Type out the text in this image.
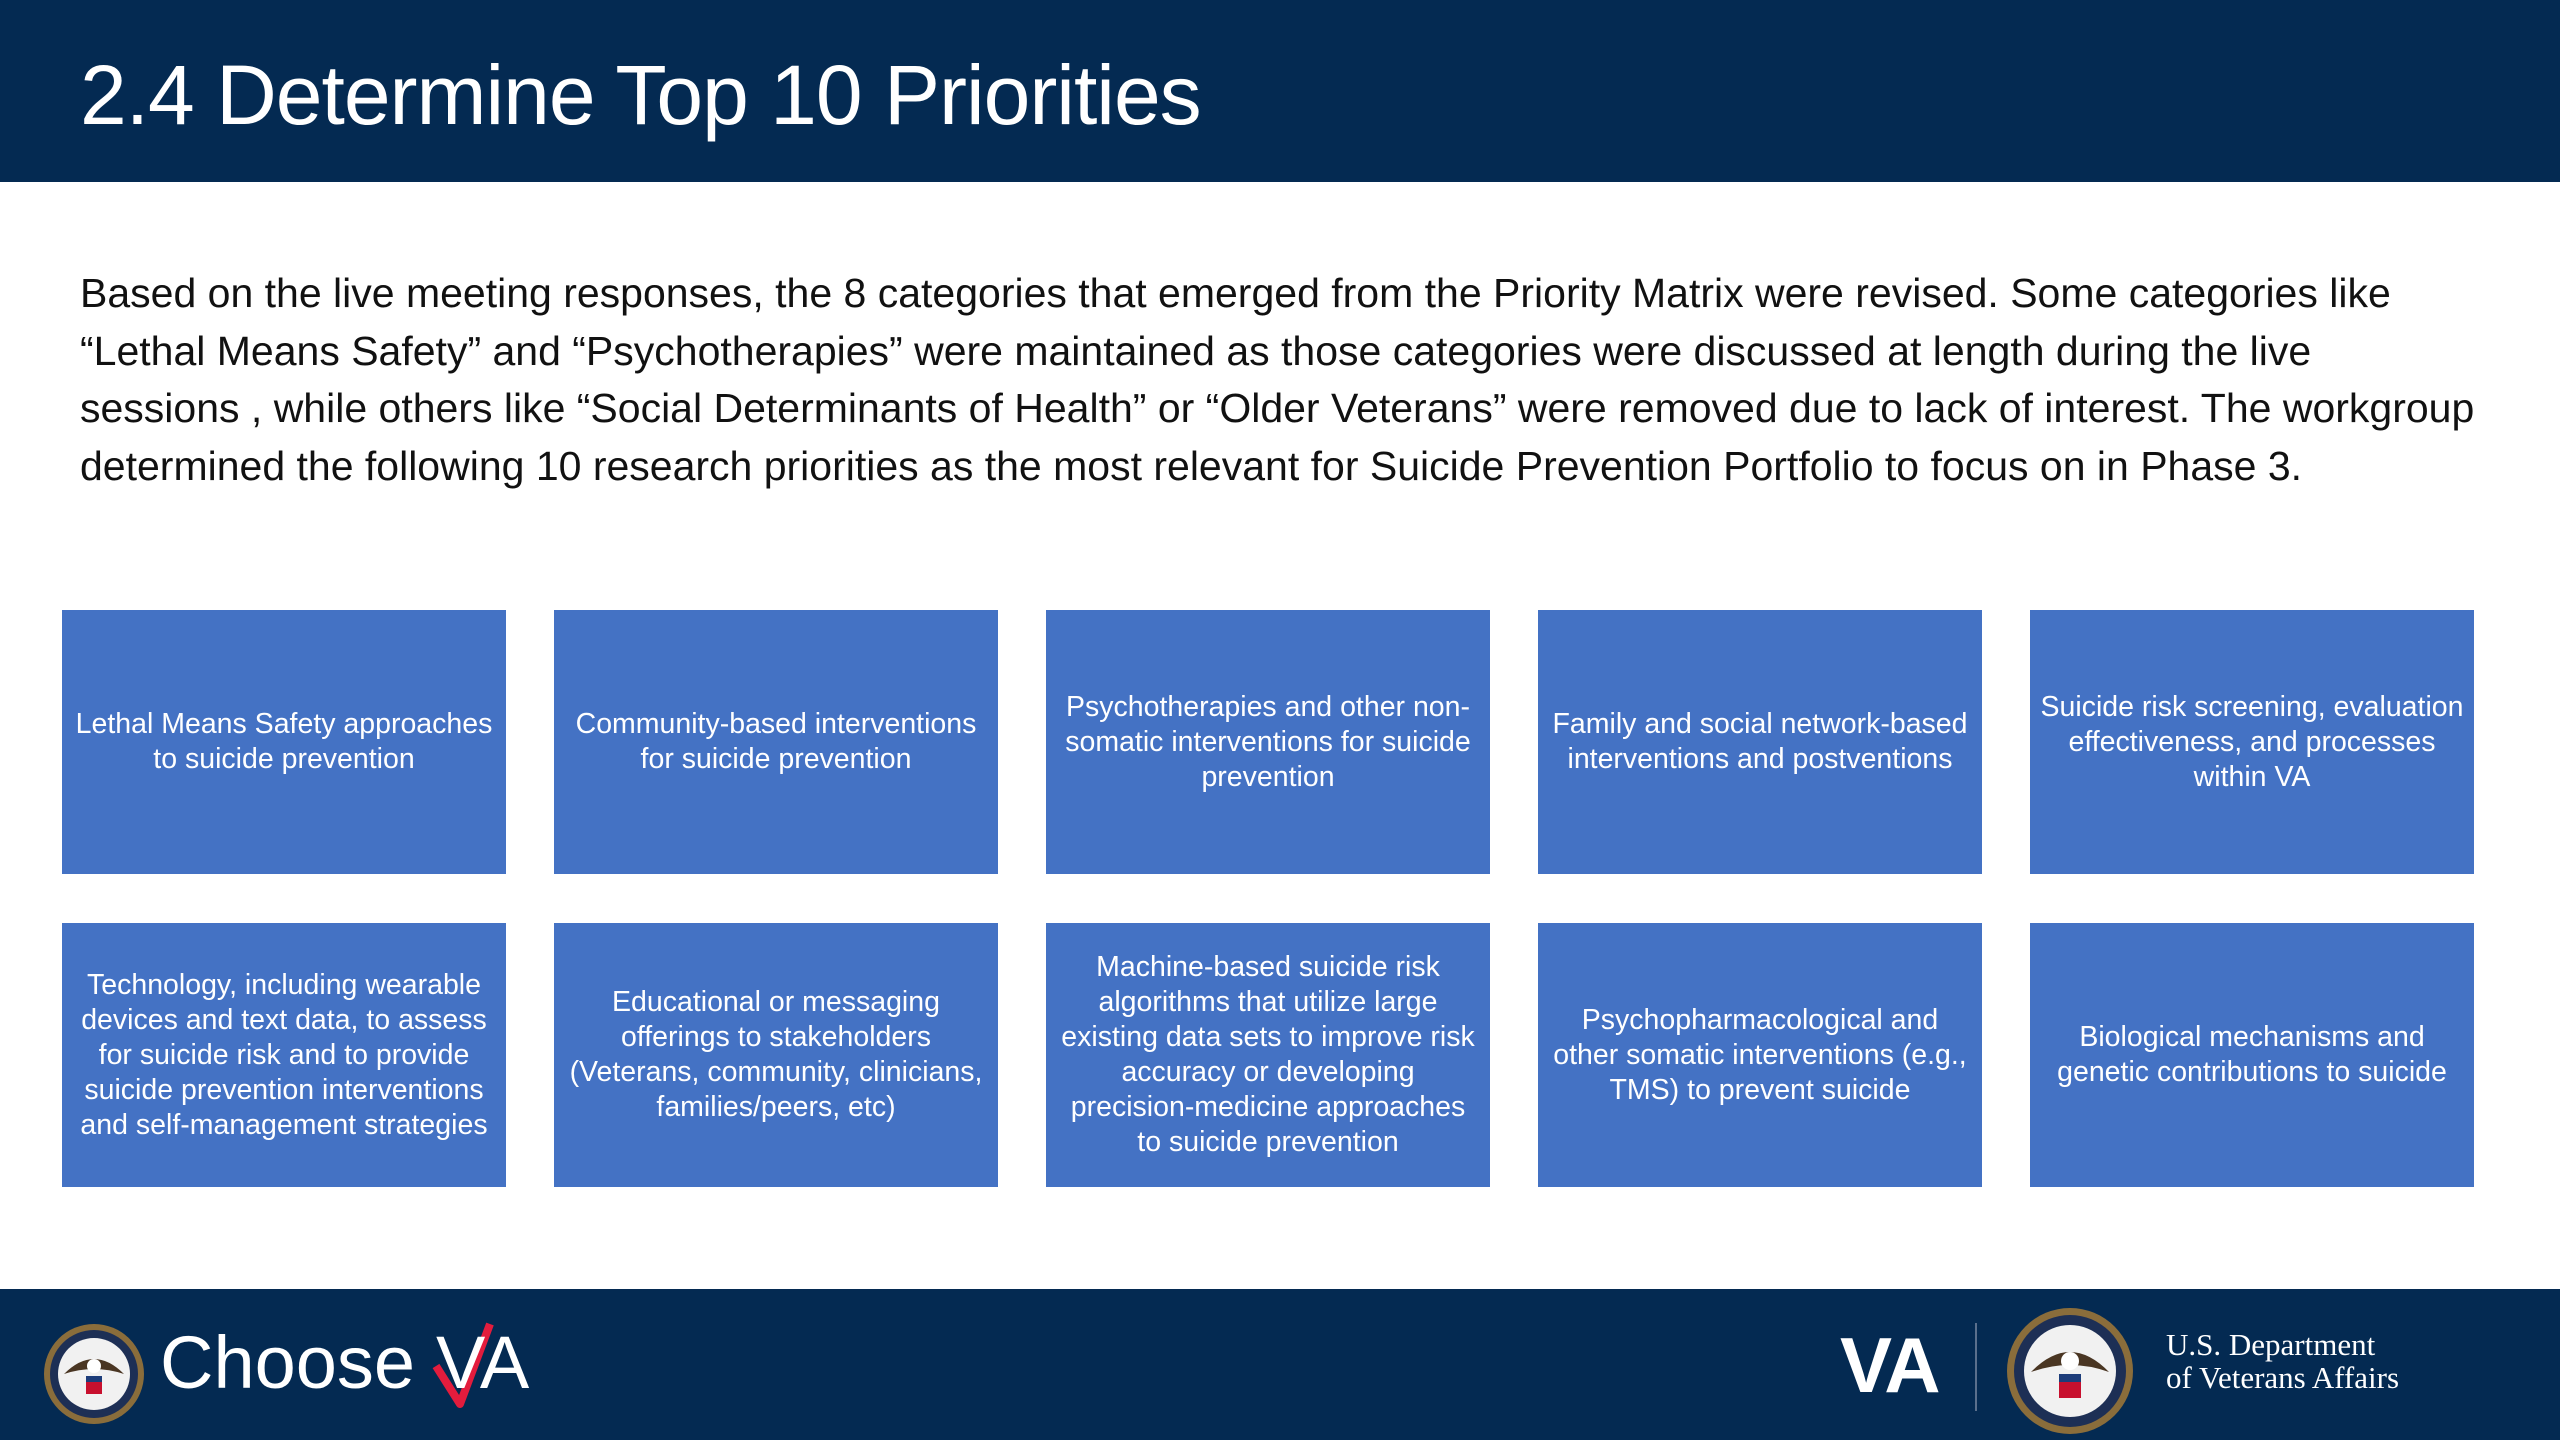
2.4 Determine Top 10 Priorities

Based on the live meeting responses, the 8 categories that emerged from the Priority Matrix were revised. Some categories like “Lethal Means Safety” and “Psychotherapies” were maintained as those categories were discussed at length during the live sessions , while others like “Social Determinants of Health” or “Older Veterans” were removed due to lack of interest. The workgroup determined the following 10 research priorities as the most relevant for Suicide Prevention Portfolio to focus on in Phase 3.

Lethal Means Safety approaches to suicide prevention
Community-based interventions for suicide prevention
Psychotherapies and other non-somatic interventions for suicide prevention
Family and social network-based interventions and postventions
Suicide risk screening, evaluation effectiveness, and processes within VA
Technology, including wearable devices and text data, to assess for suicide risk and to provide suicide prevention interventions and self-management strategies
Educational or messaging offerings to stakeholders (Veterans, community, clinicians, families/peers, etc)
Machine-based suicide risk algorithms that utilize large existing data sets to improve risk accuracy or developing precision-medicine approaches to suicide prevention
Psychopharmacological and other somatic interventions (e.g., TMS) to prevent suicide
Biological mechanisms and genetic contributions to suicide
Choose VA	VA	U.S. Department
of Veterans Affairs
